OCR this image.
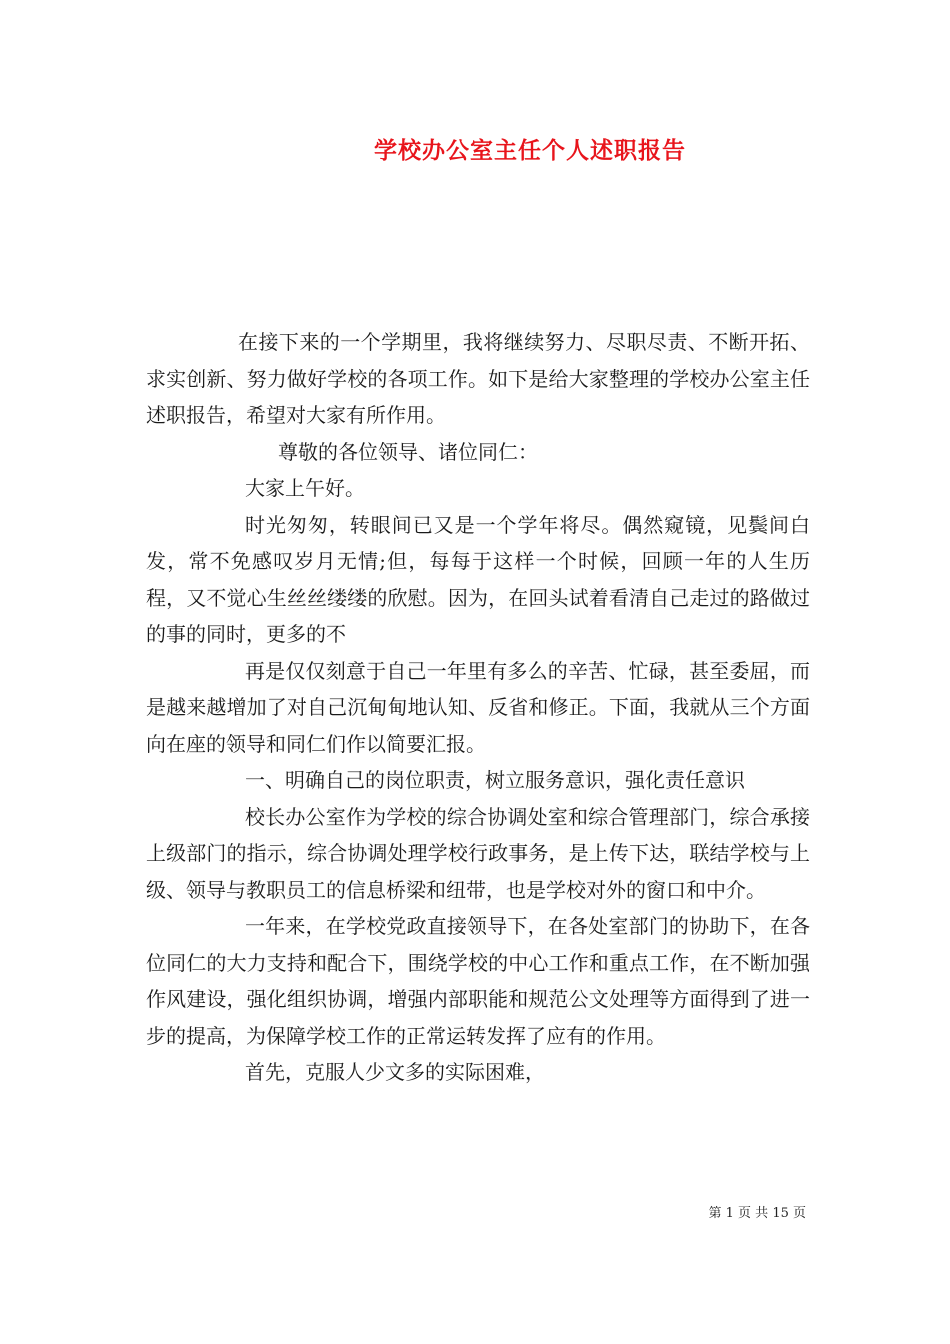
学校办公室主任个人述职报告

在接下来的一个学期里，我将继续努力、尽职尽责、不断开拓、求实创新、努力做好学校的各项工作。如下是给大家整理的学校办公室主任述职报告，希望对大家有所作用。

尊敬的各位领导、诸位同仁：

大家上午好。

时光匆匆，转眼间已又是一个学年将尽。偶然窥镜，见鬓间白发，常不免感叹岁月无情;但，每每于这样一个时候，回顾一年的人生历程，又不觉心生丝丝缕缕的欣慰。因为，在回头试着看清自己走过的路做过的事的同时，更多的不

再是仅仅刻意于自己一年里有多么的辛苦、忙碌，甚至委屈，而是越来越增加了对自己沉甸甸地认知、反省和修正。下面，我就从三个方面向在座的领导和同仁们作以简要汇报。

一、明确自己的岗位职责，树立服务意识，强化责任意识

校长办公室作为学校的综合协调处室和综合管理部门，综合承接上级部门的指示，综合协调处理学校行政事务，是上传下达，联结学校与上级、领导与教职员工的信息桥梁和纽带，也是学校对外的窗口和中介。

一年来，在学校党政直接领导下，在各处室部门的协助下，在各位同仁的大力支持和配合下，围绕学校的中心工作和重点工作，在不断加强作风建设，强化组织协调，增强内部职能和规范公文处理等方面得到了进一步的提高，为保障学校工作的正常运转发挥了应有的作用。

首先，克服人少文多的实际困难，

第 1 页 共 15 页
